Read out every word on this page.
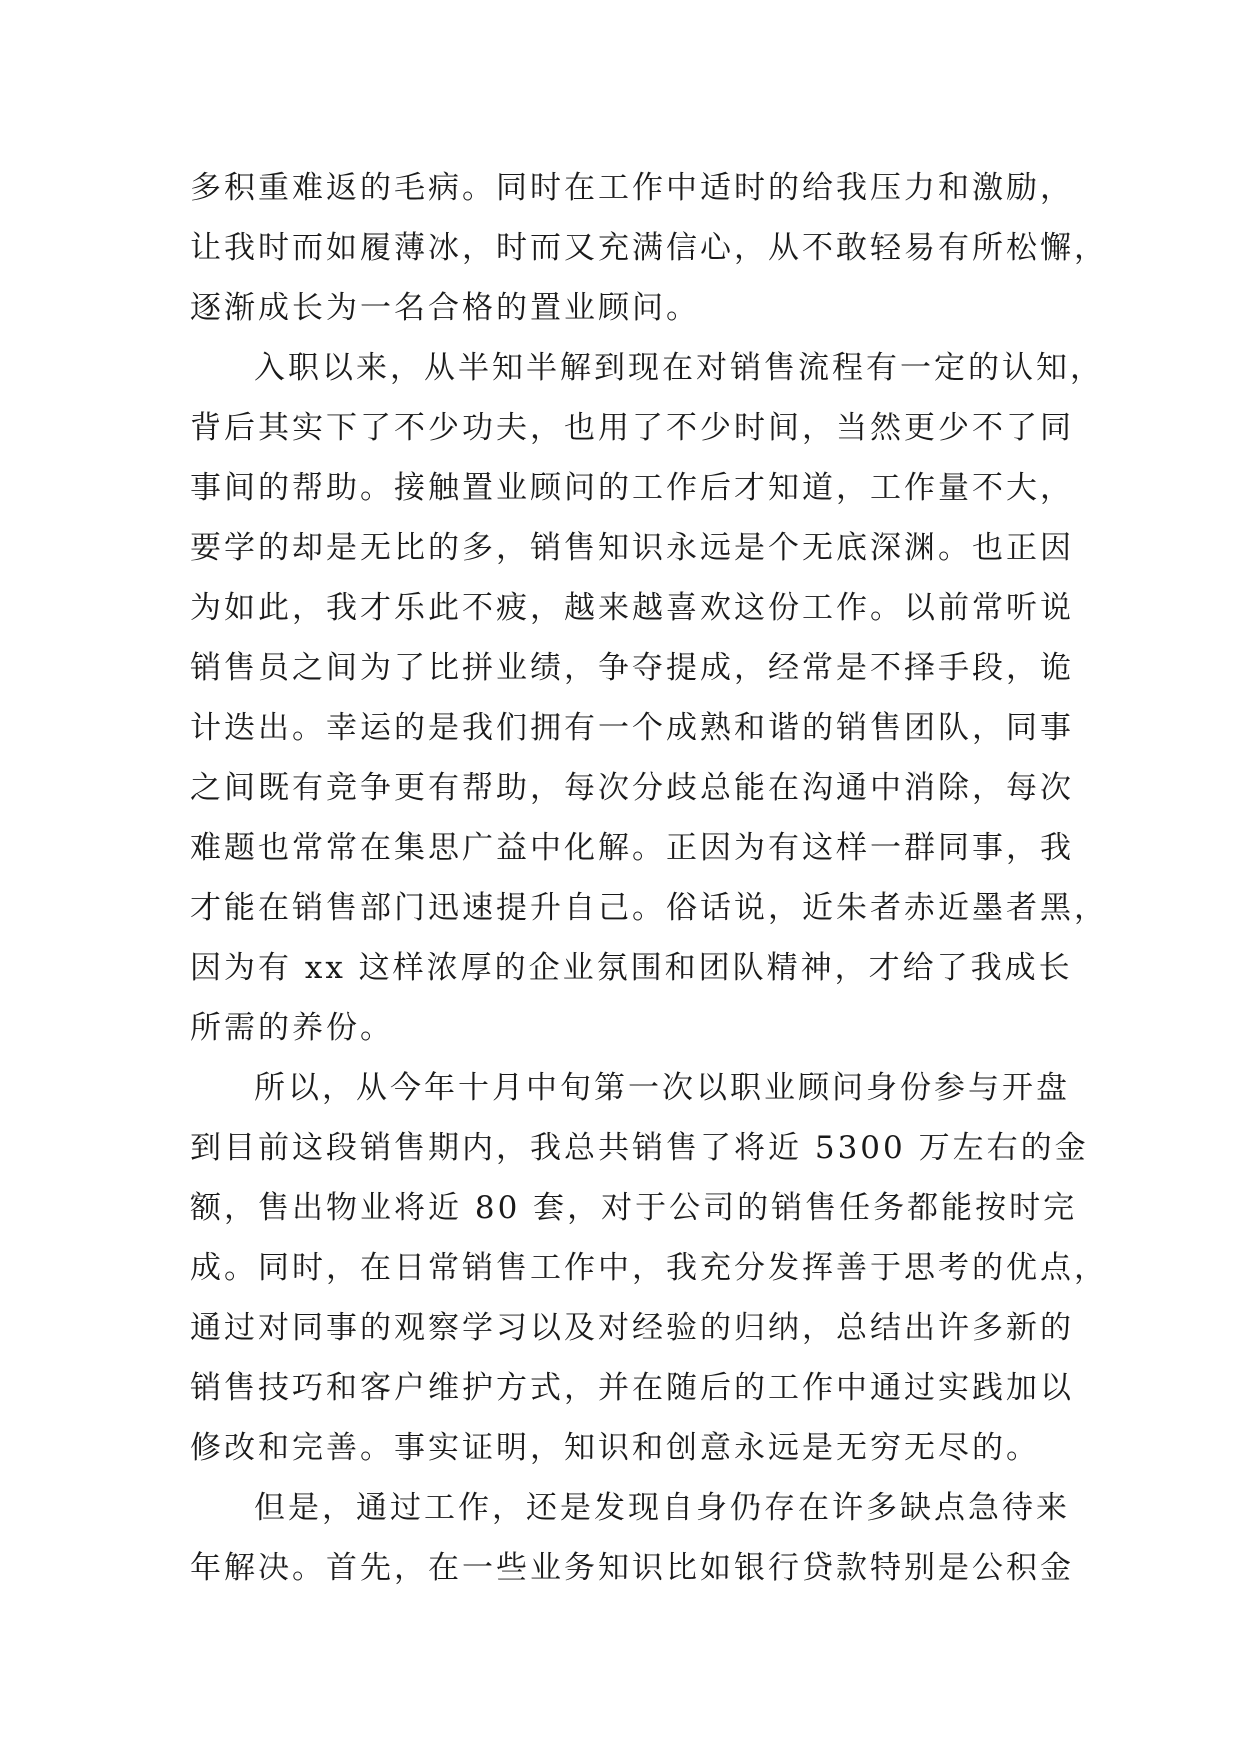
多积重难返的毛病。同时在工作中适时的给我压力和激励，
让我时而如履薄冰，时而又充满信心，从不敢轻易有所松懈，
逐渐成长为一名合格的置业顾问。
入职以来，从半知半解到现在对销售流程有一定的认知，
背后其实下了不少功夫，也用了不少时间，当然更少不了同
事间的帮助。接触置业顾问的工作后才知道，工作量不大，
要学的却是无比的多，销售知识永远是个无底深渊。也正因
为如此，我才乐此不疲，越来越喜欢这份工作。以前常听说
销售员之间为了比拼业绩，争夺提成，经常是不择手段，诡
计迭出。幸运的是我们拥有一个成熟和谐的销售团队，同事
之间既有竞争更有帮助，每次分歧总能在沟通中消除，每次
难题也常常在集思广益中化解。正因为有这样一群同事，我
才能在销售部门迅速提升自己。俗话说，近朱者赤近墨者黑，
因为有 xx 这样浓厚的企业氛围和团队精神，才给了我成长
所需的养份。
所以，从今年十月中旬第一次以职业顾问身份参与开盘
到目前这段销售期内，我总共销售了将近 5300 万左右的金
额，售出物业将近 80 套，对于公司的销售任务都能按时完
成。同时，在日常销售工作中，我充分发挥善于思考的优点，
通过对同事的观察学习以及对经验的归纳，总结出许多新的
销售技巧和客户维护方式，并在随后的工作中通过实践加以
修改和完善。事实证明，知识和创意永远是无穷无尽的。
但是，通过工作，还是发现自身仍存在许多缺点急待来
年解决。首先，在一些业务知识比如银行贷款特别是公积金
